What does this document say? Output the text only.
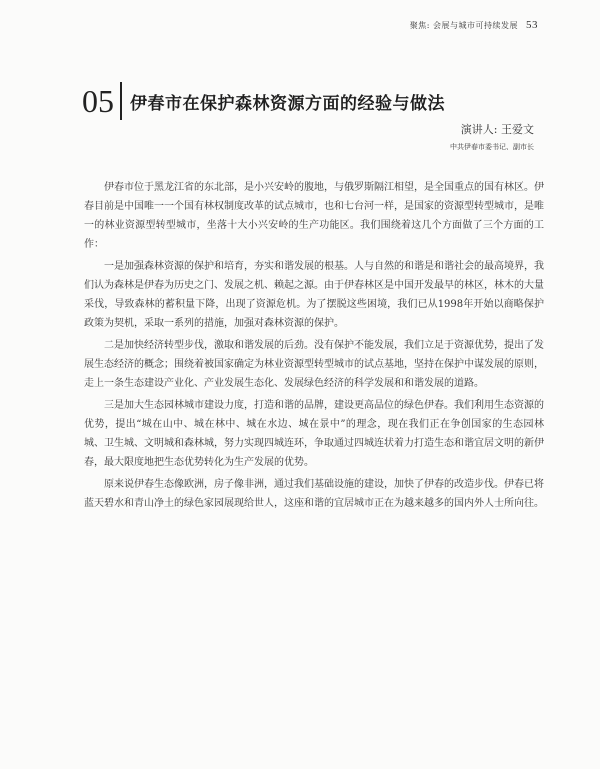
聚焦: 会展与城市可持续发展 53
05 伊春市在保护森林资源方面的经验与做法
演讲人: 王爱文
中共伊春市委书记、副市长

伊春市位于黑龙江省的东北部，是小兴安岭的腹地，与俄罗斯隔江相望，是全国重点的国有林区。伊春目前是中国唯一一个国有林权制度改革的试点城市，也和七台河一样，是国家的资源型转型城市，是唯一的林业资源型转型城市，坐落十大小兴安岭的生产功能区。我们围绕着这几个方面做了三个方面的工作：

一是加强森林资源的保护和培育，夯实和谐发展的根基。人与自然的和谐是和谐社会的最高境界，我们认为森林是伊春为历史之门、发展之机、赖起之源。由于伊春林区是中国开发最早的林区，林木的大量采伐，导致森林的蓄积量下降，出现了资源危机。为了摆脱这些困境，我们已从1998年开始以商略保护政策为契机，采取一系列的措施，加强对森林资源的保护。

二是加快经济转型步伐，激取和谐发展的后劲。没有保护不能发展，我们立足于资源优势，提出了发展生态经济的概念；围绕着被国家确定为林业资源型转型城市的试点基地，坚持在保护中谋发展的原则，走上一条生态建设产业化、产业发展生态化、发展绿色经济的科学发展和和谐发展的道路。

三是加大生态园林城市建设力度，打造和谐的品牌，建设更高品位的绿色伊春。我们利用生态资源的优势，提出“城在山中、城在林中、城在水边、城在景中”的理念，现在我们正在争创国家的生态园林城、卫生城、文明城和森林城，努力实现四城连环，争取通过四城连状着力打造生态和谐宜居文明的新伊春，最大限度地把生态优势转化为生产发展的优势。

原来说伊春生态像欧洲，房子像非洲，通过我们基础设施的建设，加快了伊春的改造步伐。伊春已将蓝天碧水和青山净土的绿色家园展现给世人，这座和谐的宜居城市正在为越来越多的国内外人士所向往。
